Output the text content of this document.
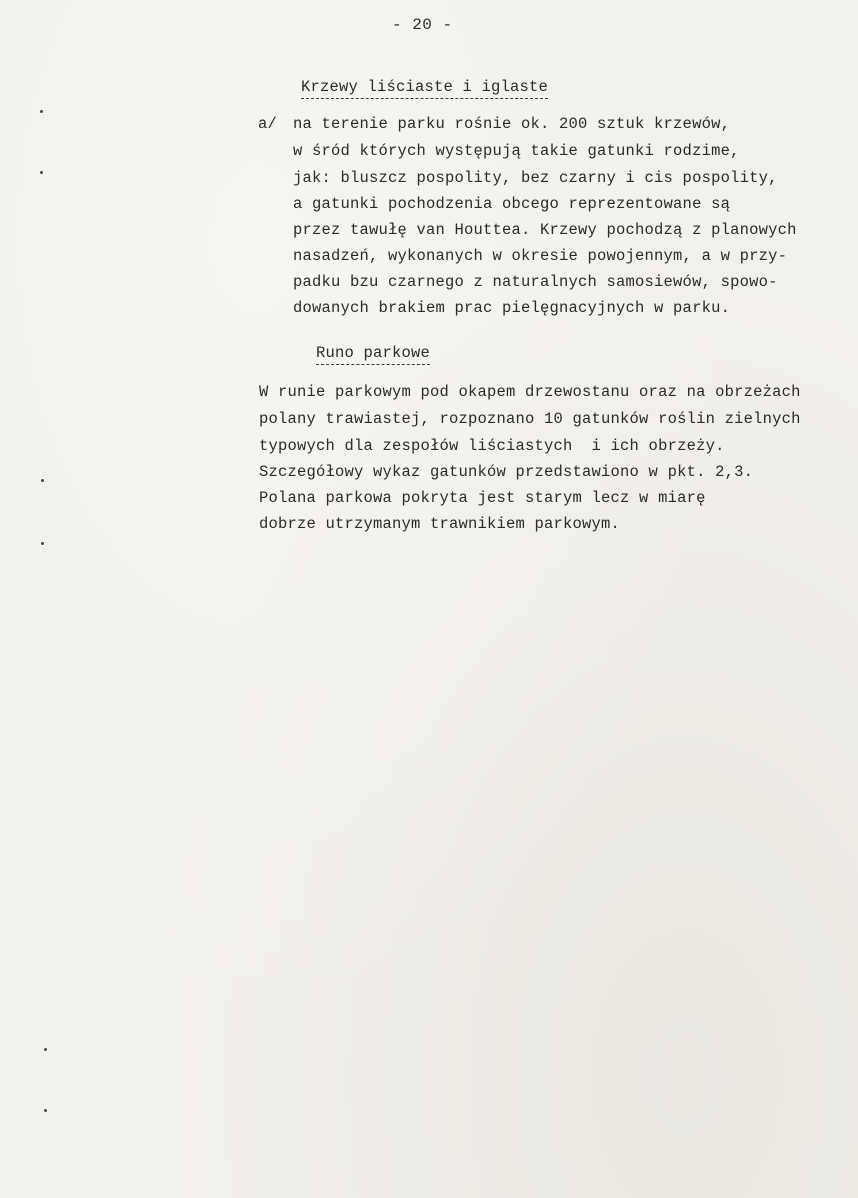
- 20 -
Krzewy liściaste i iglaste
a/ na terenie parku rośnie ok. 200 sztuk krzewów,
w śród których występują takie gatunki rodzime,
jak: bluszcz pospolity, bez czarny i cis pospolity,
a gatunki pochodzenia obcego reprezentowane są
przez tawułę van Houttea. Krzewy pochodzą z planowych
nasadzeń, wykonanych w okresie powojennym, a w przy-
padku bzu czarnego z naturalnych samosiewów, spowo-
dowanych brakiem prac pielęgnacyjnych w parku.
Runo parkowe
W runie parkowym pod okapem drzewostanu oraz na obrzeżach
polany trawiastej, rozpoznano 10 gatunków roślin zielnych
typowych dla zespołów liściastych  i ich obrzeży.
Szczegółowy wykaz gatunków przedstawiono w pkt. 2,3.
Polana parkowa pokryta jest starym lecz w miarę
dobrze utrzymanym trawnikiem parkowym.
